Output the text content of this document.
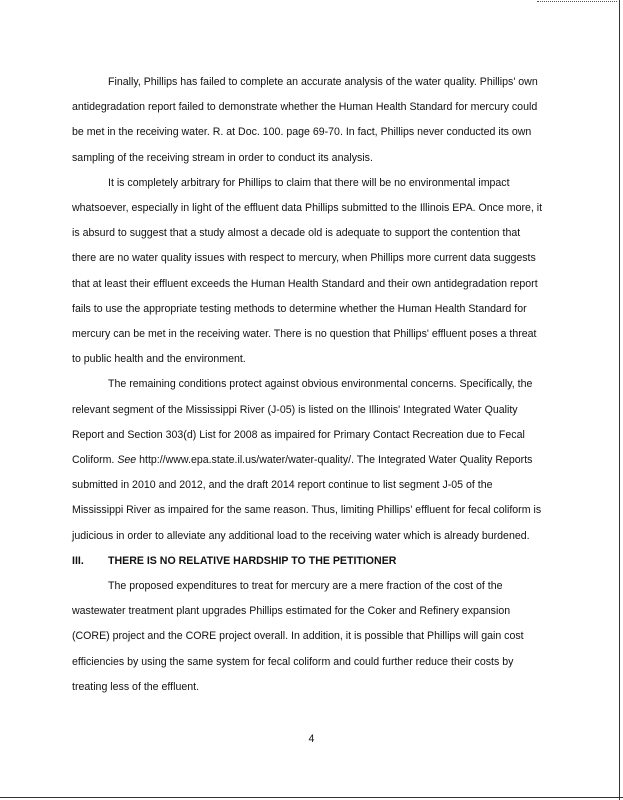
Finally, Phillips has failed to complete an accurate analysis of the water quality. Phillips' own antidegradation report failed to demonstrate whether the Human Health Standard for mercury could be met in the receiving water. R. at Doc. 100. page 69-70. In fact, Phillips never conducted its own sampling of the receiving stream in order to conduct its analysis.

It is completely arbitrary for Phillips to claim that there will be no environmental impact whatsoever, especially in light of the effluent data Phillips submitted to the Illinois EPA. Once more, it is absurd to suggest that a study almost a decade old is adequate to support the contention that there are no water quality issues with respect to mercury, when Phillips more current data suggests that at least their effluent exceeds the Human Health Standard and their own antidegradation report fails to use the appropriate testing methods to determine whether the Human Health Standard for mercury can be met in the receiving water. There is no question that Phillips' effluent poses a threat to public health and the environment.

The remaining conditions protect against obvious environmental concerns. Specifically, the relevant segment of the Mississippi River (J-05) is listed on the Illinois' Integrated Water Quality Report and Section 303(d) List for 2008 as impaired for Primary Contact Recreation due to Fecal Coliform. See http://www.epa.state.il.us/water/water-quality/. The Integrated Water Quality Reports submitted in 2010 and 2012, and the draft 2014 report continue to list segment J-05 of the Mississippi River as impaired for the same reason. Thus, limiting Phillips' effluent for fecal coliform is judicious in order to alleviate any additional load to the receiving water which is already burdened.

III.	THERE IS NO RELATIVE HARDSHIP TO THE PETITIONER

The proposed expenditures to treat for mercury are a mere fraction of the cost of the wastewater treatment plant upgrades Phillips estimated for the Coker and Refinery expansion (CORE) project and the CORE project overall. In addition, it is possible that Phillips will gain cost efficiencies by using the same system for fecal coliform and could further reduce their costs by treating less of the effluent.

4
